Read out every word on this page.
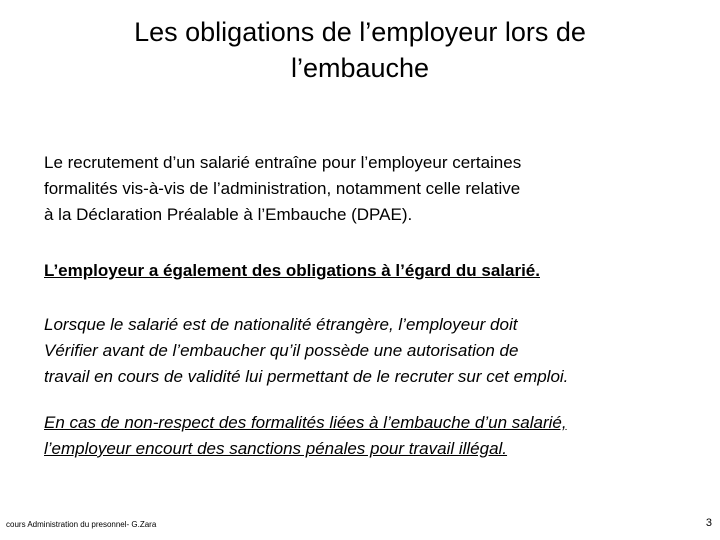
Les obligations de l’employeur lors de
l’embauche

Le recrutement d’un salarié entraîne pour l’employeur certaines
formalités vis-à-vis de l’administration, notamment celle relative
à la Déclaration Préalable à l’Embauche (DPAE).

L’employeur a également des obligations à l’égard du salarié.

Lorsque le salarié est de nationalité étrangère, l’employeur doit
Vérifier avant de l’embaucher qu’il possède une autorisation de
travail en cours de validité lui permettant de le recruter sur cet emploi.

En cas de non-respect des formalités liées à l’embauche d’un salarié,
l’employeur encourt des sanctions pénales pour travail illégal.

cours Administration du presonnel- G.Zara	3
